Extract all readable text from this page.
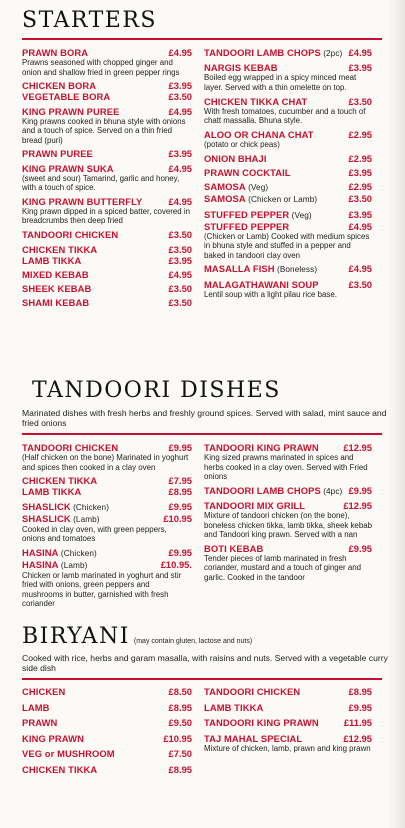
STARTERS
PRAWN BORA	£4.95
Prawns seasoned with chopped ginger and onion and shallow fried in green pepper rings
CHICKEN BORA	£3.95
VEGETABLE BORA	£3.50
KING PRAWN PUREE	£4.95
King prawns cooked in bhuna style with onions and a touch of spice. Served on a thin fried bread (puri)
PRAWN PUREE	£3.95
KING PRAWN SUKA	£4.95
(sweet and sour) Tamarind, garlic and honey, with a touch of spice.
KING PRAWN BUTTERFLY	£4.95
King prawn dipped in a spiced batter, covered in breadcrumbs then deep fried
TANDOORI CHICKEN	£3.50
CHICKEN TIKKA	£3.50
LAMB TIKKA	£3.95
MIXED KEBAB	£4.95
SHEEK KEBAB	£3.50
SHAMI KEBAB	£3.50
TANDOORI LAMB CHOPS (2pc) £4.95
NARGIS KEBAB	£3.95
Boiled egg wrapped in a spicy minced meat layer. Served with a thin omelette on top.
CHICKEN TIKKA CHAT	£3.50
With fresh tomatoes, cucumber and a touch of chatt massalla. Bhuna style.
ALOO OR CHANA CHAT	£2.95
(potato or chick peas)
ONION BHAJI	£2.95
PRAWN COCKTAIL	£3.95
SAMOSA (Veg)	£2.95
SAMOSA (Chicken or Lamb)	£3.50
STUFFED PEPPER (Veg)	£3.95
STUFFED PEPPER	£4.95
(Chicken or Lamb) Cooked with medium spices in bhuna style and stuffed in a pepper and baked in tandoori clay oven
MASALLA FISH (Boneless)	£4.95
MALAGATHAWANI SOUP	£3.50
Lentil soup with a light pilau rice base.
TANDOORI DISHES
Marinated dishes with fresh herbs and freshly ground spices. Served with salad, mint sauce and fried onions
TANDOORI CHICKEN	£9.95
(Half chicken on the bone) Marinated in yoghurt and spices then cooked in a clay oven
CHICKEN TIKKA	£7.95
LAMB TIKKA	£8.95
SHASLICK (Chicken)	£9.95
SHASLICK (Lamb)	£10.95
Cooked in clay oven, with green peppers, onions and tomatoes
HASINA (Chicken)	£9.95
HASINA (Lamb)	£10.95.
Chicken or lamb marinated in yoghurt and stir fried with onions, green peppers and mushrooms in butter, garnished with fresh coriander
TANDOORI KING PRAWN	£12.95
King sized prawns marinated in spices and herbs cooked in a clay oven. Served with Fried onions
TANDOORI LAMB CHOPS (4pc) £9.95
TANDOORI MIX GRILL	£12.95
Mixture of tandoori chicken (on the bone), boneless chicken tikka, lamb tikka, sheek kebab and Tandoori king prawn. Served with a nan
BOTI KEBAB	£9.95
Tender pieces of lamb marinated in fresh coriander, mustard and a touch of ginger and garlic. Cooked in the tandoor
BIRYANI (may contain gluten, lactose and nuts)
Cooked with rice, herbs and garam masalla, with raisins and nuts. Served with a vegetable curry side dish
CHICKEN	£8.50
LAMB	£8.95
PRAWN	£9.50
KING PRAWN	£10.95
VEG or MUSHROOM	£7.50
CHICKEN TIKKA	£8.95
TANDOORI CHICKEN	£8.95
LAMB TIKKA	£9.95
TANDOORI KING PRAWN	£11.95
TAJ MAHAL SPECIAL	£12.95
Mixture of chicken, lamb, prawn and king prawn
